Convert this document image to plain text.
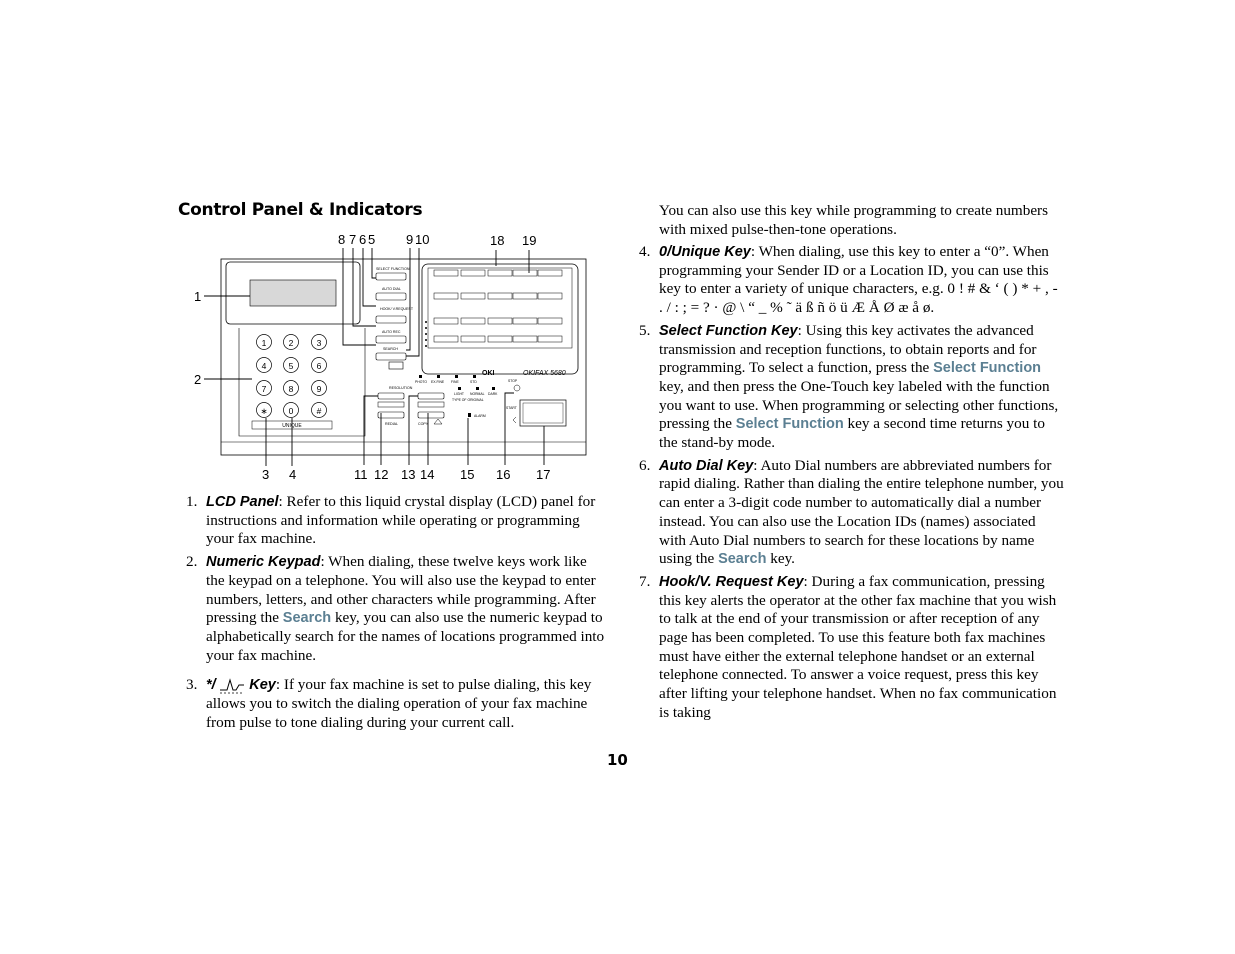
Control Panel & Indicators
8 7 6 5 9 10	18 19
1
2
3 4	11 12 13 14 15 16 17
1	2	3
4	5	6
7	8	9
∗ 0	#
UNIQUE
SELECT FUNCTION
AUTO DIAL
HOOK/ V.REQUEST
AUTO REC
SEARCH
RESOLUTION
REDIAL	COPY
OKI	OKIFAX 5680
PHOTO EX.FINE FINE	STD
LIGHT NORMAL DARK
TYPE OF ORIGINAL
ALARM
STOP
START
1. LCD Panel: Refer to this liquid crystal display (LCD) panel for instructions and information while operating or programming your fax machine.
2. Numeric Keypad: When dialing, these twelve keys work like the keypad on a telephone. You will also use the keypad to enter numbers, letters, and other characters while programming. After pressing the Search key, you can also use the numeric keypad to alphabetically search for the names of locations programmed into your fax machine.
3. */ Key: If your fax machine is set to pulse dialing, this key allows you to switch the dialing operation of your fax machine from pulse to tone dialing during your current call.
You can also use this key while programming to create numbers with mixed pulse-then-tone operations.
4. 0/Unique Key: When dialing, use this key to enter a “0”. When programming your Sender ID or a Location ID, you can use this key to enter a variety of unique characters, e.g. 0 ! # & ‘ ( ) * + , - . / : ; = ? · @ \ “ _ % ˜ ä ß ñ ö ü Æ Å Ø æ å ø.
5. Select Function Key: Using this key activates the advanced transmission and reception functions, to obtain reports and for programming. To select a function, press the Select Function key, and then press the One-Touch key labeled with the function you want to use. When programming or selecting other functions, pressing the Select Function key a second time returns you to the stand-by mode.
6. Auto Dial Key: Auto Dial numbers are abbreviated numbers for rapid dialing. Rather than dialing the entire telephone number, you can enter a 3-digit code number to automatically dial a number instead. You can also use the Location IDs (names) associated with Auto Dial numbers to search for these locations by name using the Search key.
7. Hook/V. Request Key: During a fax communication, pressing this key alerts the operator at the other fax machine that you wish to talk at the end of your transmission or after reception of any page has been completed. To use this feature both fax machines must have either the external telephone handset or an external telephone connected. To answer a voice request, press this key after lifting your telephone handset. When no fax communication is taking
10
